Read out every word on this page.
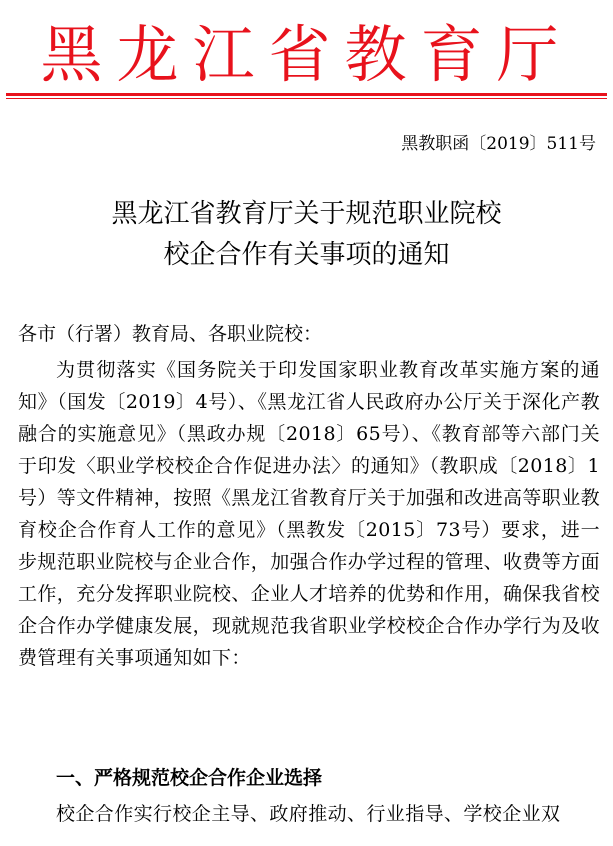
黑龙江省教育厅
黑教职函〔2019〕511号
黑龙江省教育厅关于规范职业院校
校企合作有关事项的通知
各市（行署）教育局、各职业院校：
为贯彻落实《国务院关于印发国家职业教育改革实施方案的通知》（国发〔2019〕4号）、《黑龙江省人民政府办公厅关于深化产教融合的实施意见》（黑政办规〔2018〕65号）、《教育部等六部门关于印发〈职业学校校企合作促进办法〉的通知》（教职成〔2018〕1号）等文件精神，按照《黑龙江省教育厅关于加强和改进高等职业教育校企合作育人工作的意见》（黑教发〔2015〕73号）要求，进一步规范职业院校与企业合作，加强合作办学过程的管理、收费等方面工作，充分发挥职业院校、企业人才培养的优势和作用，确保我省校企合作办学健康发展，现就规范我省职业学校校企合作办学行为及收费管理有关事项通知如下：
一、严格规范校企合作企业选择
校企合作实行校企主导、政府推动、行业指导、学校企业双
